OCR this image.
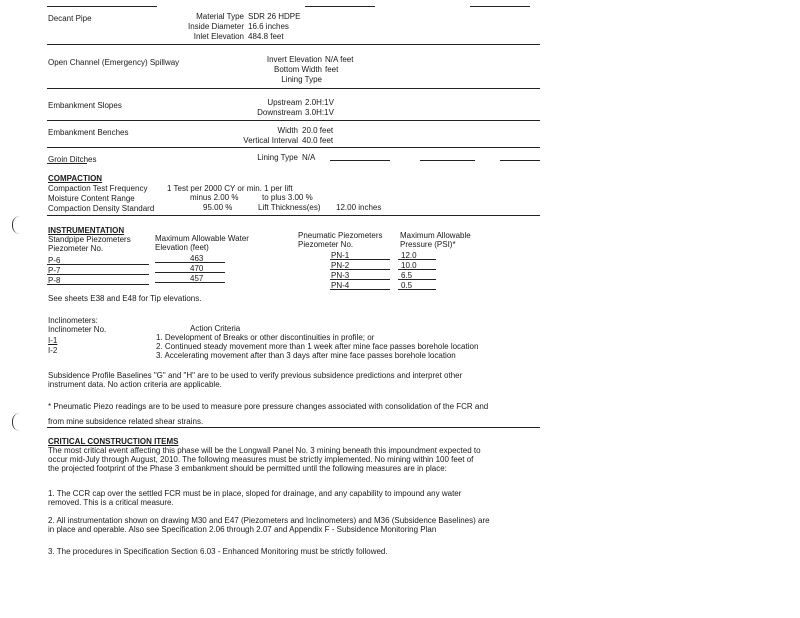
Decant Pipe	Material Type SDR 26 HDPE
Inside Diameter 16.6 inches
Inlet Elevation 484.8 feet
Open Channel (Emergency) Spillway	Invert Elevation N/A feet
Bottom Width feet
Lining Type
Embankment Slopes	Upstream 2.0H:1V
Downstream 3.0H:1V
Embankment Benches	Width 20.0 feet
Vertical Interval 40.0 feet
Groin Ditches	Lining Type N/A
COMPACTION
Compaction Test Frequency 1 Test per 2000 CY or min. 1 per lift
Moisture Content Range	minus 2.00 %	to plus 3.00 %
Compaction Density Standard	95.00 %	Lift Thickness(es) 12.00 inches
INSTRUMENTATION
Standpipe Piezometers
Piezometer No.
Maximum Allowable Water
Elevation (feet)
P-6	463
P-7	470
P-8	457
Pneumatic Piezometers
Piezometer No.
Maximum Allowable
Pressure (PSI)*
PN-1	12.0
PN-2	10.0
PN-3	6.5
PN-4	0.5
See sheets E38 and E48 for Tip elevations.
Inclinometers:
Inclinometer No.	Action Criteria
I-1
I-2
1. Development of Breaks or other discontinuities in profile; or
2. Continued steady movement more than 1 week after mine face passes borehole location
3. Accelerating movement after than 3 days after mine face passes borehole location
Subsidence Profile Baselines "G" and "H" are to be used to verify previous subsidence predictions and interpret other
instrument data. No action criteria are applicable.
* Pneumatic Piezo readings are to be used to measure pore pressure changes associated with consolidation of the FCR and
from mine subsidence related shear strains.
CRITICAL CONSTRUCTION ITEMS
The most critical event affecting this phase will be the Longwall Panel No. 3 mining beneath this impoundment expected to
occur mid-July through August, 2010. The following measures must be strictly implemented. No mining within 100 feet of
the projected footprint of the Phase 3 embankment should be permitted until the following measures are in place:
1. The CCR cap over the settled FCR must be in place, sloped for drainage, and any capability to impound any water
removed. This is a critical measure.
2. All instrumentation shown on drawing M30 and E47 (Piezometers and Inclinometers) and M36 (Subsidence Baselines) are
in place and operable. Also see Specification 2.06 through 2.07 and Appendix F - Subsidence Monitoring Plan
3. The procedures in Specification Section 6.03 - Enhanced Monitoring must be strictly followed.
